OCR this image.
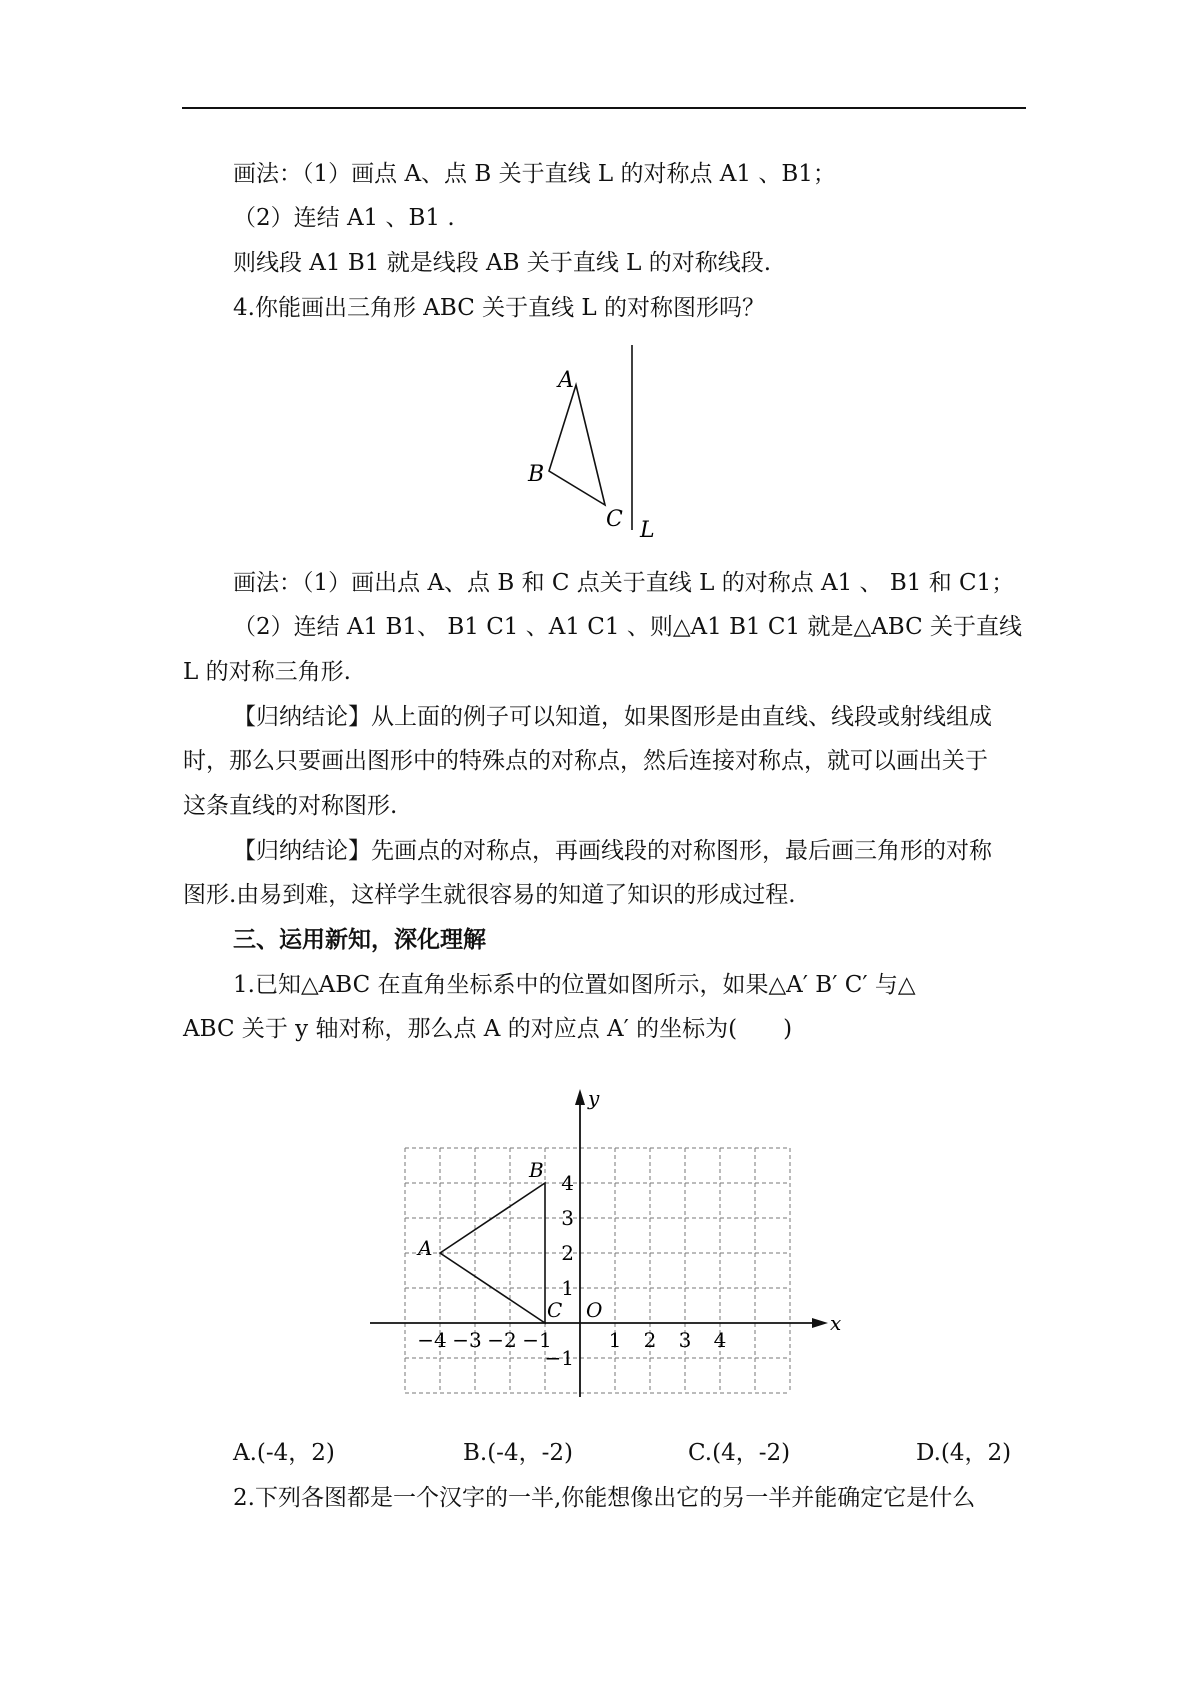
画法：（1）画点 A、点 B 关于直线 L 的对称点 A1 、B1；
（2）连结 A1 、B1 .
则线段 A1 B1 就是线段 AB 关于直线 L 的对称线段.
4.你能画出三角形 ABC 关于直线 L 的对称图形吗？
A
B
C L
画法：（1）画出点 A、点 B 和 C 点关于直线 L 的对称点 A1 、 B1 和 C1；
（2）连结 A1 B1、 B1 C1 、A1 C1 、则△A1 B1 C1 就是△ABC 关于直线
L 的对称三角形.
【归纳结论】从上面的例子可以知道，如果图形是由直线、线段或射线组成
时，那么只要画出图形中的特殊点的对称点，然后连接对称点，就可以画出关于
这条直线的对称图形.
【归纳结论】先画点的对称点，再画线段的对称图形，最后画三角形的对称
图形.由易到难，这样学生就很容易的知道了知识的形成过程.
三、运用新知，深化理解
1.已知△ABC 在直角坐标系中的位置如图所示，如果△A′ B′ C′ 与△
ABC 关于 y 轴对称，那么点 A 的对应点 A′ 的坐标为(　　)
x
y
O
−4 −3 −2 −1	1 2 3 4
4
3
2
1
−1
A
B
C
A.(-4，2)	B.(-4，-2)	C.(4，-2)	D.(4，2)
2.下列各图都是一个汉字的一半,你能想像出它的另一半并能确定它是什么
